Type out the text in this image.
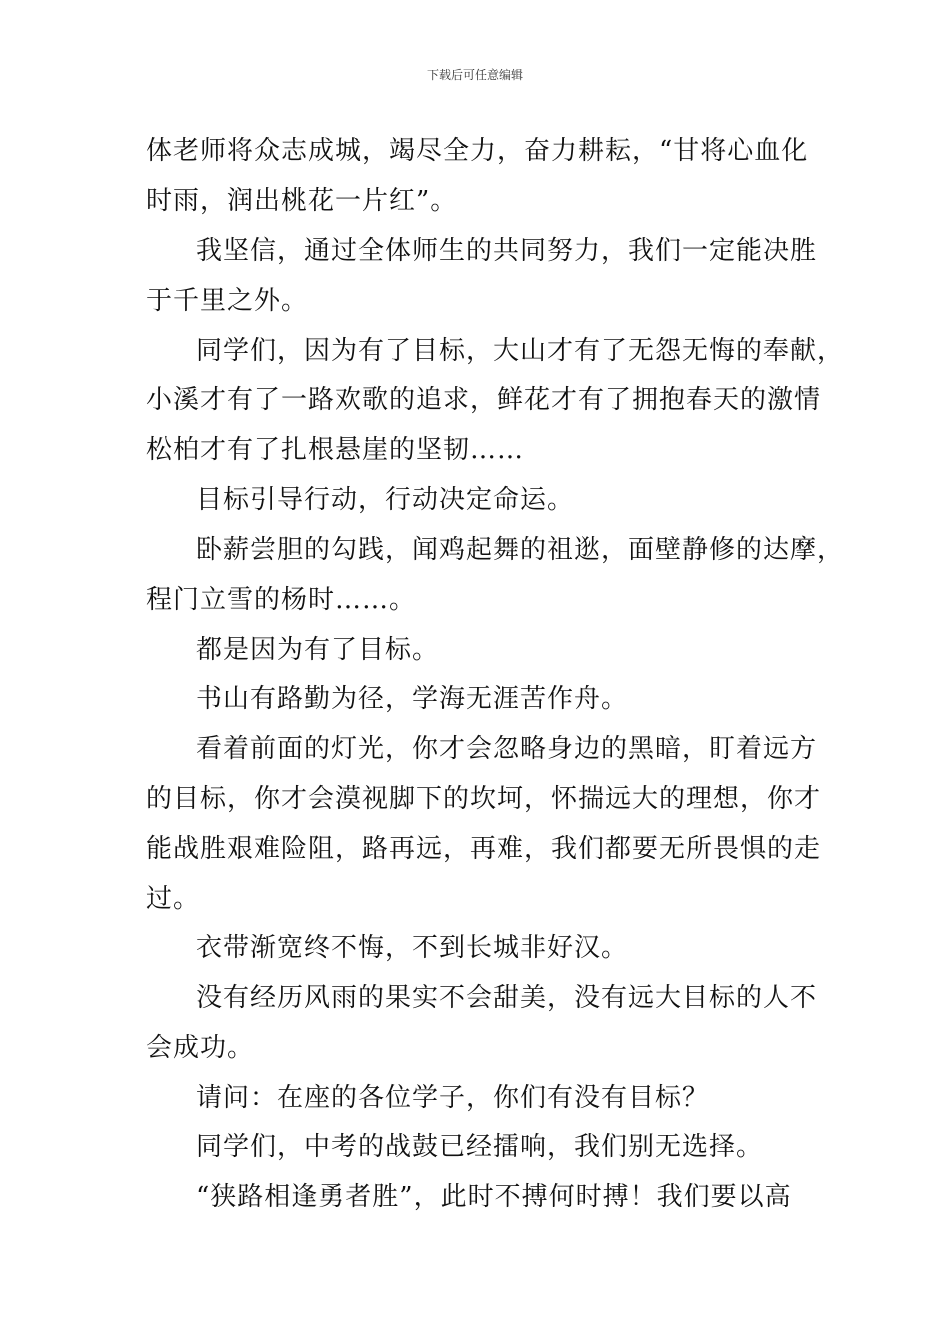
下载后可任意编辑
体老师将众志成城，竭尽全力，奋力耕耘，“甘将心血化
时雨，润出桃花一片红”。
我坚信，通过全体师生的共同努力，我们一定能决胜
于千里之外。
同学们，因为有了目标，大山才有了无怨无悔的奉献，
小溪才有了一路欢歌的追求，鲜花才有了拥抱春天的激情
松柏才有了扎根悬崖的坚韧……
目标引导行动，行动决定命运。
卧薪尝胆的勾践，闻鸡起舞的祖逖，面壁静修的达摩，
程门立雪的杨时……。
都是因为有了目标。
书山有路勤为径，学海无涯苦作舟。
看着前面的灯光，你才会忽略身边的黑暗，盯着远方
的目标，你才会漠视脚下的坎坷，怀揣远大的理想，你才
能战胜艰难险阻，路再远，再难，我们都要无所畏惧的走
过。
衣带渐宽终不悔，不到长城非好汉。
没有经历风雨的果实不会甜美，没有远大目标的人不
会成功。
请问：在座的各位学子，你们有没有目标？
同学们，中考的战鼓已经擂响，我们别无选择。
“狭路相逢勇者胜”，此时不搏何时搏！我们要以高
